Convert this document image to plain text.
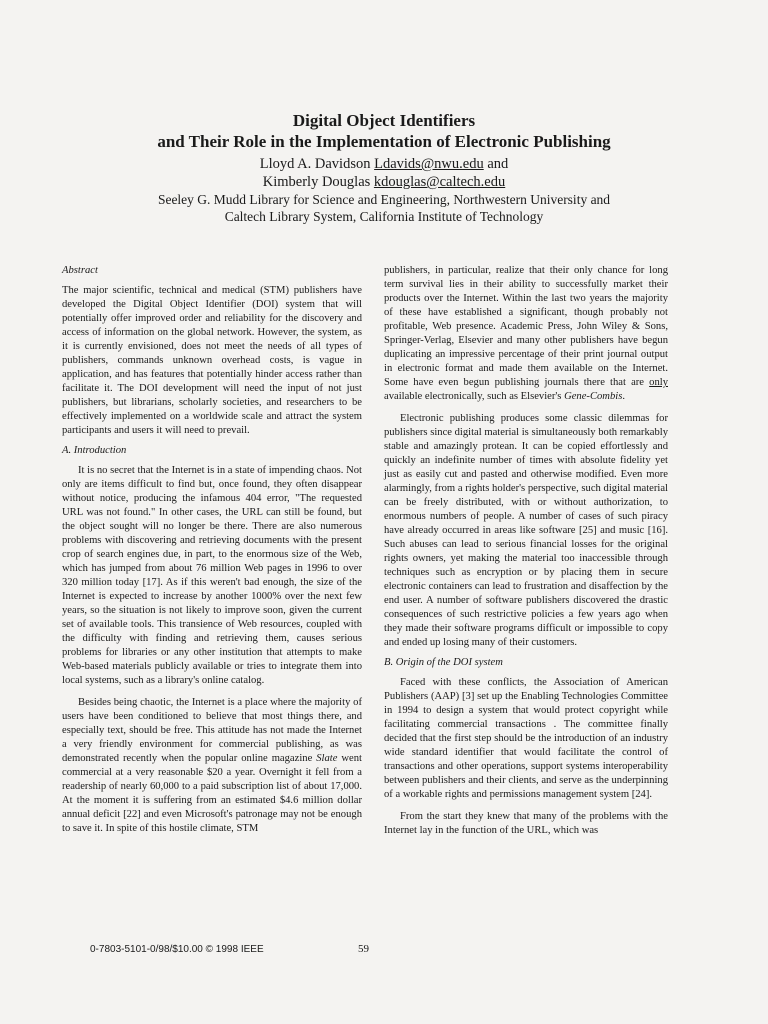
Digital Object Identifiers
and Their Role in the Implementation of Electronic Publishing
Lloyd A. Davidson Ldavids@nwu.edu and
Kimberly Douglas kdouglas@caltech.edu
Seeley G. Mudd Library for Science and Engineering, Northwestern University and
Caltech Library System, California Institute of Technology
Abstract

The major scientific, technical and medical (STM) publishers have developed the Digital Object Identifier (DOI) system that will potentially offer improved order and reliability for the discovery and access of information on the global network. However, the system, as it is currently envisioned, does not meet the needs of all types of publishers, commands unknown overhead costs, is vague in application, and has features that potentially hinder access rather than facilitate it. The DOI development will need the input of not just publishers, but librarians, scholarly societies, and researchers to be effectively implemented on a worldwide scale and attract the system participants and users it will need to prevail.

A. Introduction

It is no secret that the Internet is in a state of impending chaos. Not only are items difficult to find but, once found, they often disappear without notice, producing the infamous 404 error, "The requested URL was not found." In other cases, the URL can still be found, but the object sought will no longer be there. There are also numerous problems with discovering and retrieving documents with the present crop of search engines due, in part, to the enormous size of the Web, which has jumped from about 76 million Web pages in 1996 to over 320 million today [17]. As if this weren't bad enough, the size of the Internet is expected to increase by another 1000% over the next few years, so the situation is not likely to improve soon, given the current set of available tools. This transience of Web resources, coupled with the difficulty with finding and retrieving them, causes serious problems for libraries or any other institution that attempts to make Web-based materials publicly available or tries to integrate them into local systems, such as a library's online catalog.

Besides being chaotic, the Internet is a place where the majority of users have been conditioned to believe that most things there, and especially text, should be free. This attitude has not made the Internet a very friendly environment for commercial publishing, as was demonstrated recently when the popular online magazine Slate went commercial at a very reasonable $20 a year. Overnight it fell from a readership of nearly 60,000 to a paid subscription list of about 17,000. At the moment it is suffering from an estimated $4.6 million dollar annual deficit [22] and even Microsoft's patronage may not be enough to save it. In spite of this hostile climate, STM

publishers, in particular, realize that their only chance for long term survival lies in their ability to successfully market their products over the Internet. Within the last two years the majority of these have established a significant, though probably not profitable, Web presence. Academic Press, John Wiley & Sons, Springer-Verlag, Elsevier and many other publishers have begun duplicating an impressive percentage of their print journal output in electronic format and made them available on the Internet. Some have even begun publishing journals there that are only available electronically, such as Elsevier's Gene-Combis.

Electronic publishing produces some classic dilemmas for publishers since digital material is simultaneously both remarkably stable and amazingly protean. It can be copied effortlessly and quickly an indefinite number of times with absolute fidelity yet just as easily cut and pasted and otherwise modified. Even more alarmingly, from a rights holder's perspective, such digital material can be freely distributed, with or without authorization, to enormous numbers of people. A number of cases of such piracy have already occurred in areas like software [25] and music [16]. Such abuses can lead to serious financial losses for the original rights owners, yet making the material too inaccessible through techniques such as encryption or by placing them in secure electronic containers can lead to frustration and disaffection by the end user. A number of software publishers discovered the drastic consequences of such restrictive policies a few years ago when they made their software programs difficult or impossible to copy and ended up losing many of their customers.

B. Origin of the DOI system

Faced with these conflicts, the Association of American Publishers (AAP) [3] set up the Enabling Technologies Committee in 1994 to design a system that would protect copyright while facilitating commercial transactions . The committee finally decided that the first step should be the introduction of an industry wide standard identifier that would facilitate the control of transactions and other operations, support systems interoperability between publishers and their clients, and serve as the underpinning of a workable rights and permissions management system [24].

From the start they knew that many of the problems with the Internet lay in the function of the URL, which was

0-7803-5101-0/98/$10.00 © 1998 IEEE	59
